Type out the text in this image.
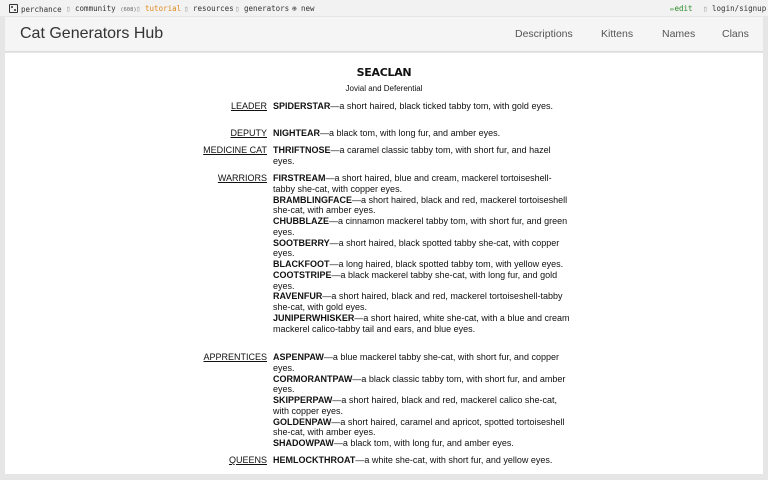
perchance ▯ community (608) ▯ tutorial ▯ resources ▯ generators ⊕ new	✏edit ▯ login/signup
Cat Generators Hub	Descriptions	Kittens	Names	Clans
SEACLAN
Jovial and Deferential
LEADER SPIDERSTAR—a short haired, black ticked tabby tom, with gold eyes.
DEPUTY NIGHTEAR—a black tom, with long fur, and amber eyes.
MEDICINE CAT THRIFTNOSE—a caramel classic tabby tom, with short fur, and hazel eyes.
WARRIORS FIRSTREAM—a short haired, blue and cream, mackerel tortoiseshell-tabby she-cat, with copper eyes.
BRAMBLINGFACE—a short haired, black and red, mackerel tortoiseshell she-cat, with amber eyes.
CHUBBLAZE—a cinnamon mackerel tabby tom, with short fur, and green eyes.
SOOTBERRY—a short haired, black spotted tabby she-cat, with copper eyes.
BLACKFOOT—a long haired, black spotted tabby tom, with yellow eyes.
COOTSTRIPE—a black mackerel tabby she-cat, with long fur, and gold eyes.
RAVENFUR—a short haired, black and red, mackerel tortoiseshell-tabby she-cat, with gold eyes.
JUNIPERWHISKER—a short haired, white she-cat, with a blue and cream mackerel calico-tabby tail and ears, and blue eyes.
APPRENTICES ASPENPAW—a blue mackerel tabby she-cat, with short fur, and copper eyes.
CORMORANTPAW—a black classic tabby tom, with short fur, and amber eyes.
SKIPPERPAW—a short haired, black and red, mackerel calico she-cat, with copper eyes.
GOLDENPAW—a short haired, caramel and apricot, spotted tortoiseshell she-cat, with amber eyes.
SHADOWPAW—a black tom, with long fur, and amber eyes.
QUEENS HEMLOCKTHROAT—a white she-cat, with short fur, and yellow eyes.
